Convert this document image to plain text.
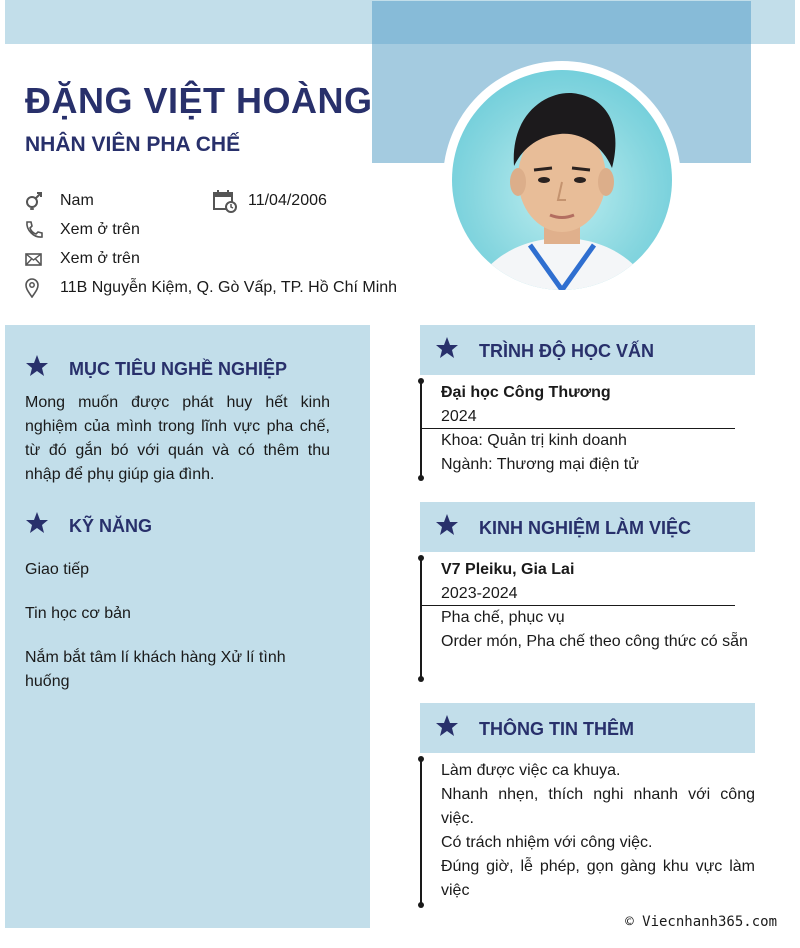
ĐẶNG VIỆT HOÀNG
NHÂN VIÊN PHA CHẾ
Nam	11/04/2006
Xem ở trên
Xem ở trên
11B Nguyễn Kiệm, Q. Gò Vấp, TP. Hồ Chí Minh
MỤC TIÊU NGHỀ NGHIỆP
Mong muốn được phát huy hết kinh nghiệm của mình trong lĩnh vực pha chế, từ đó gắn bó với quán và có thêm thu nhập để phụ giúp gia đình.
KỸ NĂNG
Giao tiếp
Tin học cơ bản
Nắm bắt tâm lí khách hàng Xử lí tình huống
TRÌNH ĐỘ HỌC VẤN
Đại học Công Thương
2024
Khoa: Quản trị kinh doanh
Ngành: Thương mại điện tử
KINH NGHIỆM LÀM VIỆC
V7 Pleiku, Gia Lai
2023-2024
Pha chế, phục vụ
Order món, Pha chế theo công thức có sẵn
THÔNG TIN THÊM
Làm được việc ca khuya.
Nhanh nhẹn, thích nghi nhanh với công việc.
Có trách nhiệm với công việc.
Đúng giờ, lễ phép, gọn gàng khu vực làm việc
© Viecnhanh365.com
